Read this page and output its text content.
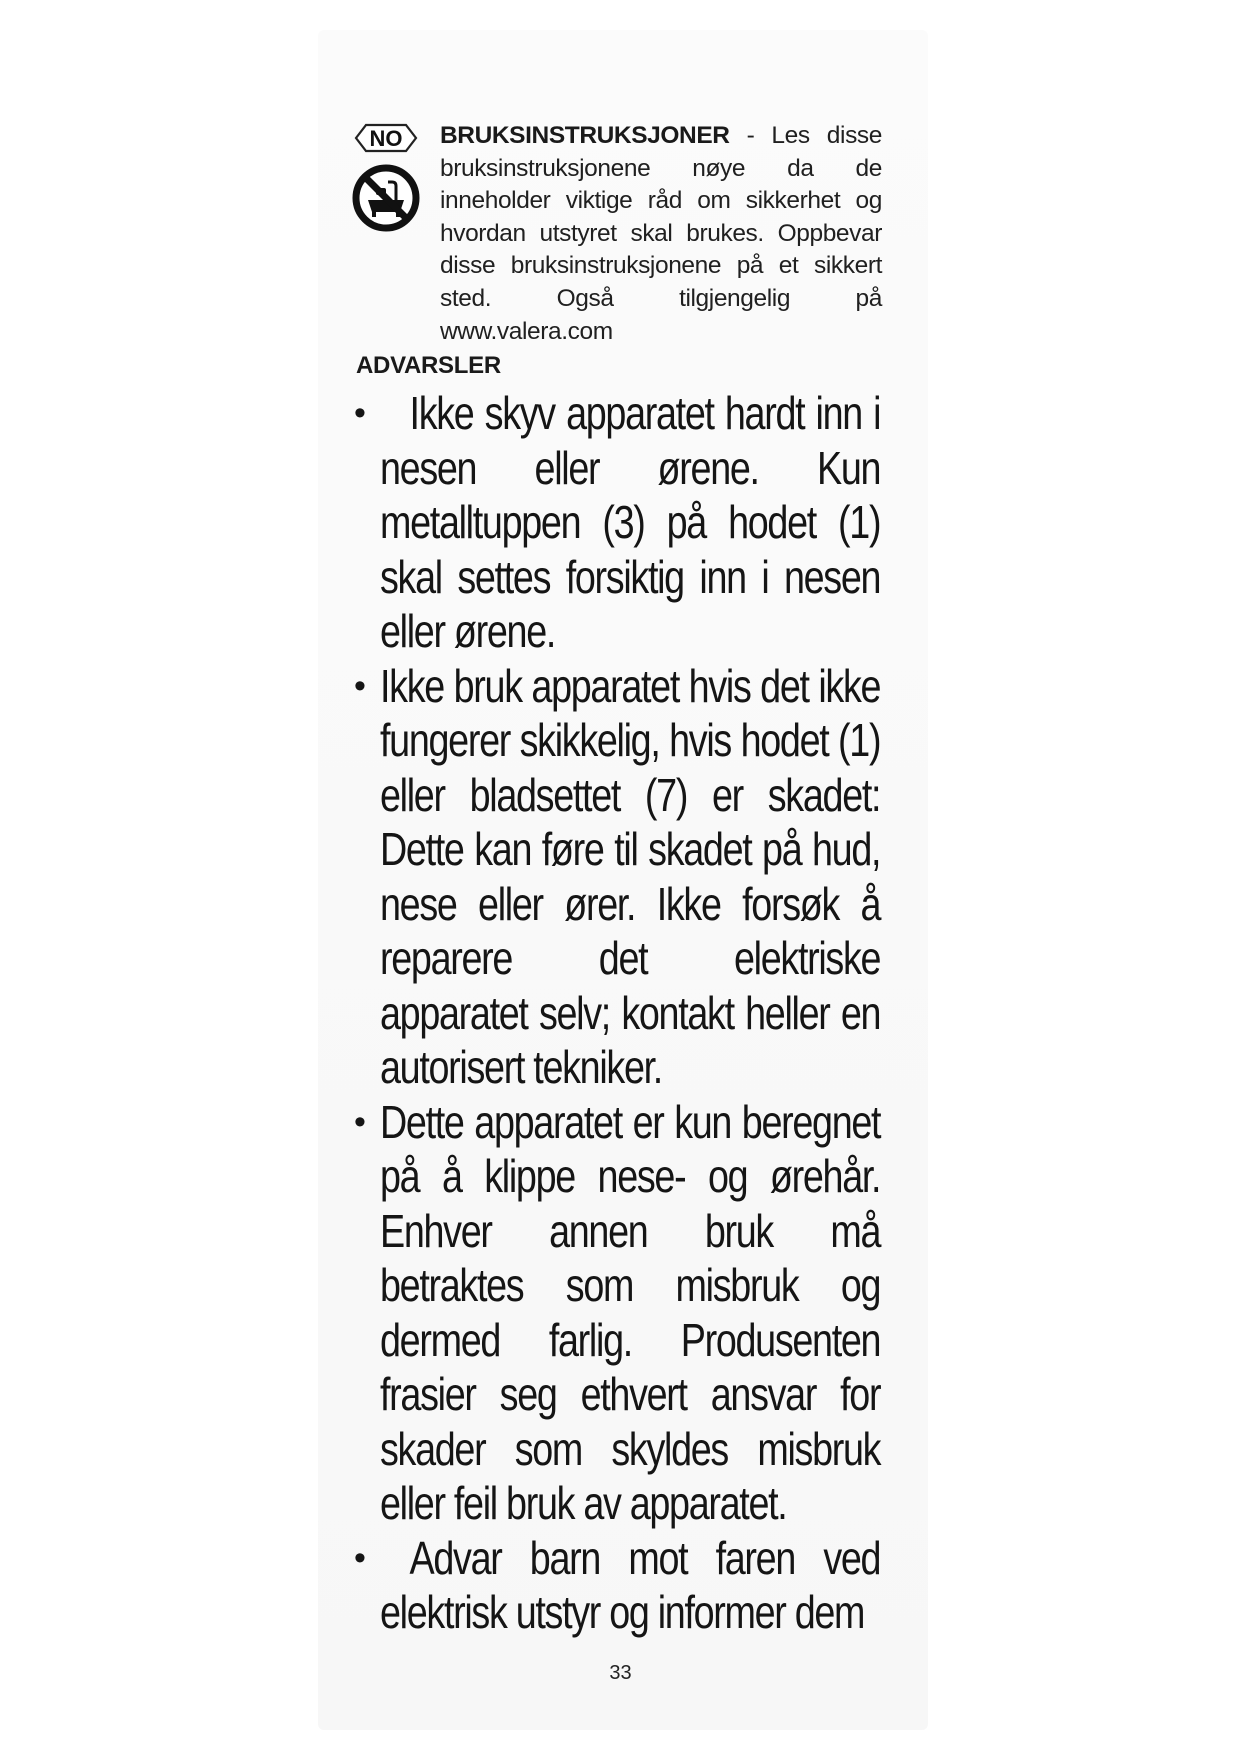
NO BRUKSINSTRUKSJONER - Les disse bruksinstruksjonene nøye da de inneholder viktige råd om sikkerhet og hvordan utstyret skal brukes. Oppbevar disse bruksinstruksjonene på et sikkert sted. Også tilgjengelig på www.valera.com
ADVARSLER
• Ikke skyv apparatet hardt inn i nesen eller ørene. Kun metalltuppen (3) på hodet (1) skal settes forsiktig inn i nesen eller ørene.
• Ikke bruk apparatet hvis det ikke fungerer skikkelig, hvis hodet (1) eller bladsettet (7) er skadet: Dette kan føre til skadet på hud, nese eller ører. Ikke forsøk å reparere det elektriske apparatet selv; kontakt heller en autorisert tekniker.
• Dette apparatet er kun beregnet på å klippe nese- og ørehår. Enhver annen bruk må betraktes som misbruk og dermed farlig. Produsenten frasier seg ethvert ansvar for skader som skyldes misbruk eller feil bruk av apparatet.
• Advar barn mot faren ved elektrisk utstyr og informer dem
33
